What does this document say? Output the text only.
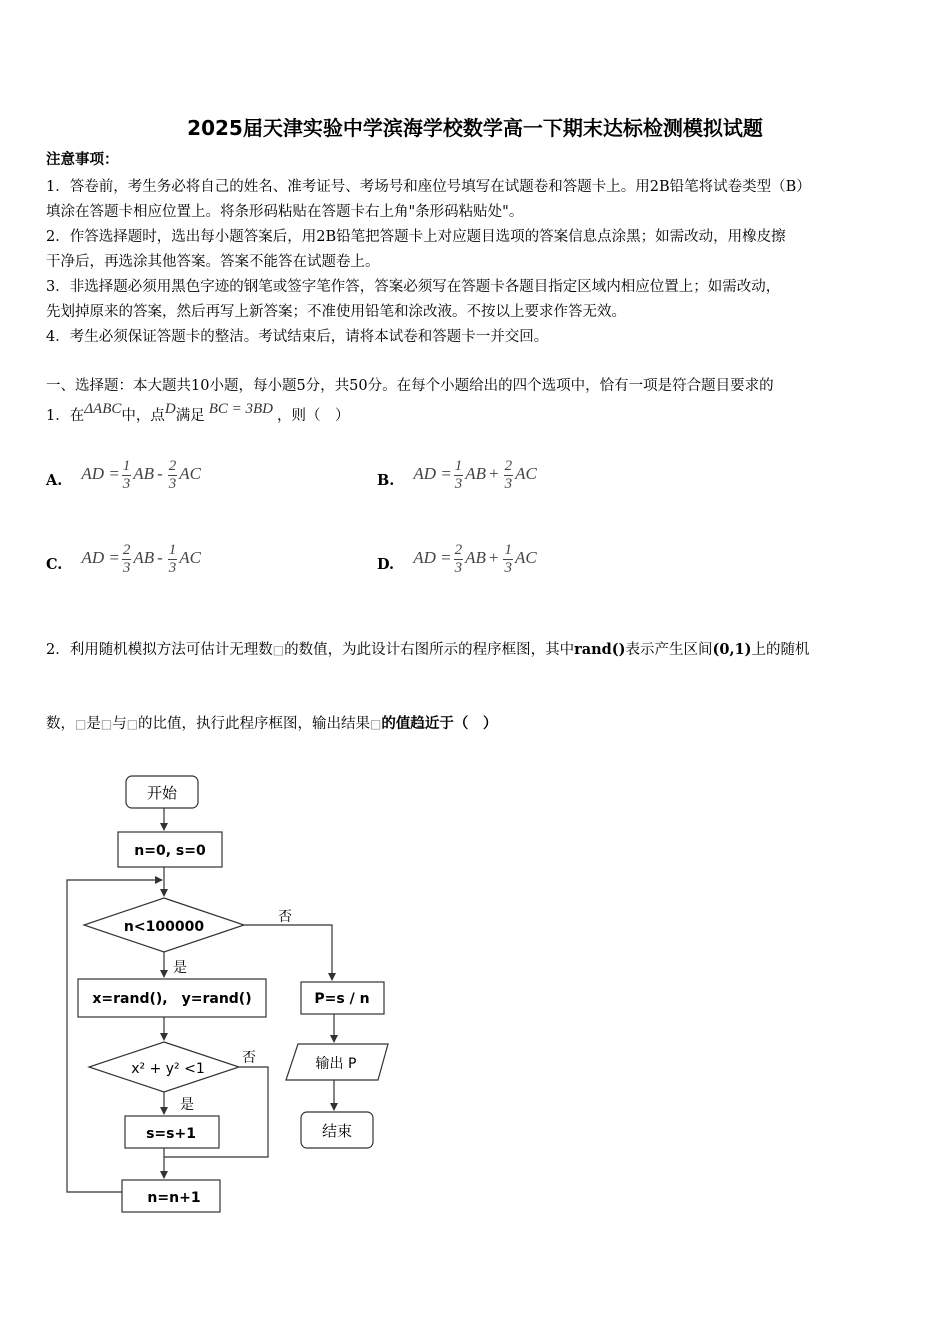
2025届天津实验中学滨海学校数学高一下期末达标检测模拟试题
注意事项：
1．答卷前，考生务必将自己的姓名、准考证号、考场号和座位号填写在试题卷和答题卡上。用2B铅笔将试卷类型（B）
填涂在答题卡相应位置上。将条形码粘贴在答题卡右上角"条形码粘贴处"。
2．作答选择题时，选出每小题答案后，用2B铅笔把答题卡上对应题目选项的答案信息点涂黑；如需改动，用橡皮擦
干净后，再选涂其他答案。答案不能答在试题卷上。
3．非选择题必须用黑色字迹的钢笔或签字笔作答，答案必须写在答题卡各题目指定区域内相应位置上；如需改动，
先划掉原来的答案，然后再写上新答案；不准使用铅笔和涂改液。不按以上要求作答无效。
4．考生必须保证答题卡的整洁。考试结束后，请将本试卷和答题卡一并交回。
一、选择题：本大题共10小题，每小题5分，共50分。在每个小题给出的四个选项中，恰有一项是符合题目要求的
1．在ΔABC中，点D满足 BC = 3BD ，则（　）
A. AD = $\frac{1}{3}$ AB - $\frac{2}{3}$ AC	B. AD = $\frac{1}{3}$ AB + $\frac{2}{3}$ AC
C. AD = $\frac{2}{3}$ AB - $\frac{1}{3}$ AC	D. AD = $\frac{2}{3}$ AB + $\frac{1}{3}$ AC
2．利用随机模拟方法可估计无理数□的数值，为此设计右图所示的程序框图，其中rand()表示产生区间(0,1)上的随机
数，□是□与□的比值，执行此程序框图，输出结果□的值趋近于（　）
开始
n=0, s=0
n<100000
否
是
x=rand(),　y=rand()	P=s / n
x² + y² <1
否
是
输出 P
s=s+1	结束
n=n+1
